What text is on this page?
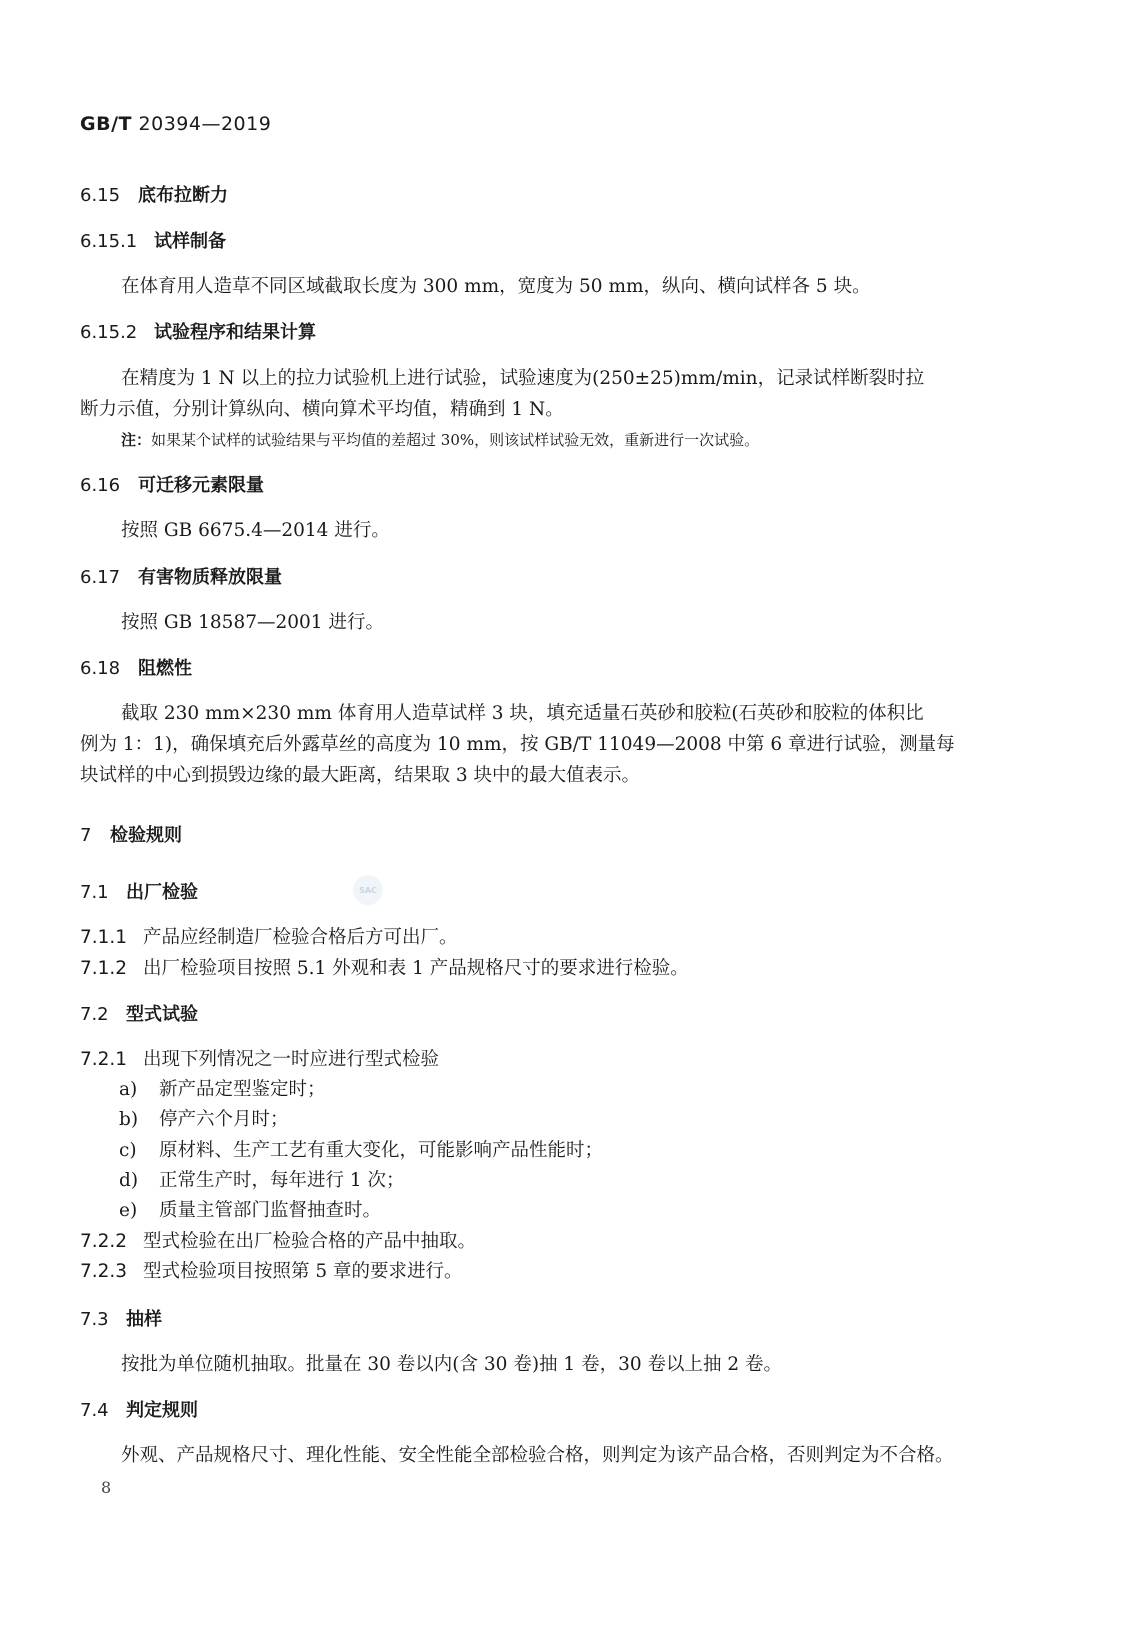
GB/T 20394—2019
6.15 底布拉断力
6.15.1 试样制备
在体育用人造草不同区域截取长度为 300 mm，宽度为 50 mm，纵向、横向试样各 5 块。
6.15.2 试验程序和结果计算
在精度为 1 N 以上的拉力试验机上进行试验，试验速度为(250±25)mm/min，记录试样断裂时拉
断力示值，分别计算纵向、横向算术平均值，精确到 1 N。
注：如果某个试样的试验结果与平均值的差超过 30%，则该试样试验无效，重新进行一次试验。
6.16 可迁移元素限量
按照 GB 6675.4—2014 进行。
6.17 有害物质释放限量
按照 GB 18587—2001 进行。
6.18 阻燃性
截取 230 mm×230 mm 体育用人造草试样 3 块，填充适量石英砂和胶粒(石英砂和胶粒的体积比
例为 1：1)，确保填充后外露草丝的高度为 10 mm，按 GB/T 11049—2008 中第 6 章进行试验，测量每
块试样的中心到损毁边缘的最大距离，结果取 3 块中的最大值表示。
7 检验规则
7.1 出厂检验	SAC
7.1.1 产品应经制造厂检验合格后方可出厂。
7.1.2 出厂检验项目按照 5.1 外观和表 1 产品规格尺寸的要求进行检验。
7.2 型式试验
7.2.1 出现下列情况之一时应进行型式检验
a) 新产品定型鉴定时；
b) 停产六个月时；
c) 原材料、生产工艺有重大变化，可能影响产品性能时；
d) 正常生产时，每年进行 1 次；
e) 质量主管部门监督抽查时。
7.2.2 型式检验在出厂检验合格的产品中抽取。
7.2.3 型式检验项目按照第 5 章的要求进行。
7.3 抽样
按批为单位随机抽取。批量在 30 卷以内(含 30 卷)抽 1 卷，30 卷以上抽 2 卷。
7.4 判定规则
外观、产品规格尺寸、理化性能、安全性能全部检验合格，则判定为该产品合格，否则判定为不合格。
8
